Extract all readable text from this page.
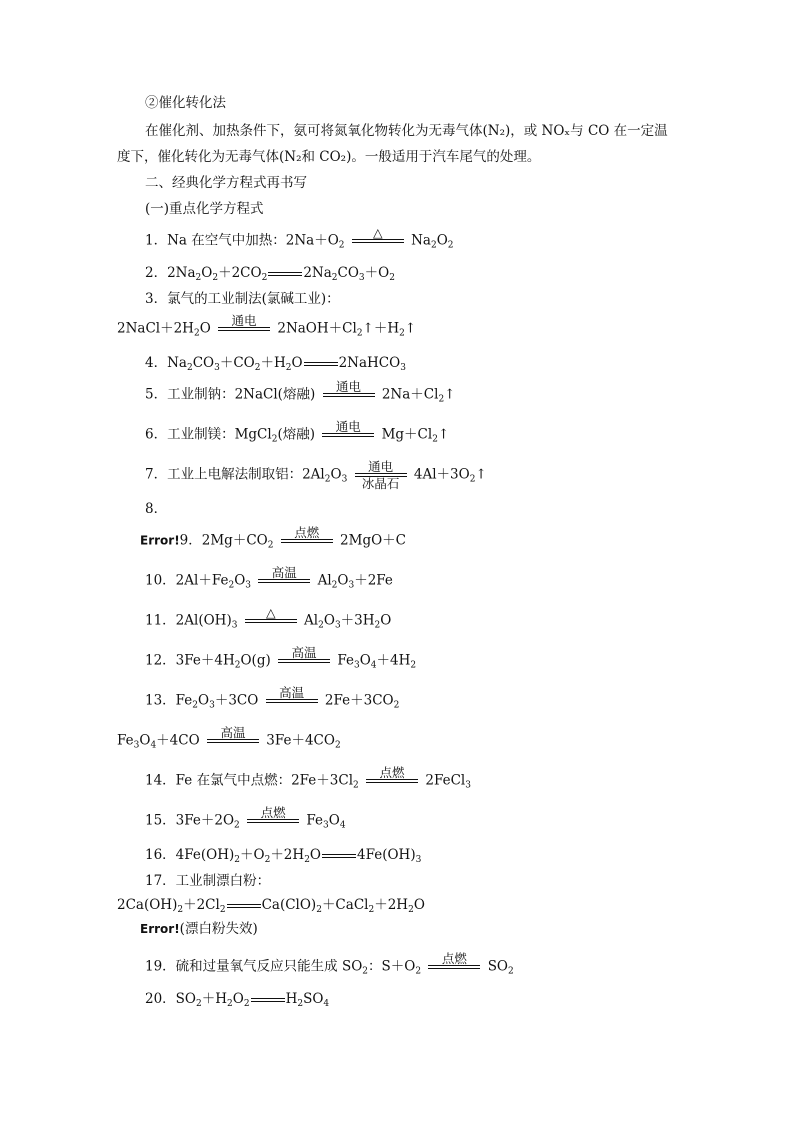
②催化转化法
在催化剂、加热条件下，氨可将氮氧化物转化为无毒气体(N₂)，或 NOₓ与 CO 在一定温度下，催化转化为无毒气体(N₂和 CO₂)。一般适用于汽车尾气的处理。
二、经典化学方程式再书写
(一)重点化学方程式
1．Na 在空气中加热：$2Na+O_2$
△
	$Na_2O_2$
2．$2Na_2O_2+2CO_2$	$2Na_2CO_3+O_2$
3．氯气的工业制法(氯碱工业)：
$2NaCl+2H_2O$	通电
	$2NaOH+Cl_2↑+H_2↑$
4．$Na_2CO_3+CO_2+H_2O$	2NaHCO$_3$
5．工业制钠：2NaCl(熔融)	通电
	$2Na+Cl_2↑$
6．工业制镁：MgCl$_2$(熔融)	通电
	$Mg+Cl_2↑$
7．工业上电解法制取铝：$2Al_2O_3$
通电
冰晶石
$4Al+3O_2↑$
8．
Error!9．$2Mg+CO_2$
点燃
	2MgO＋C
10．$2Al+Fe_2O_3$
高温
	$Al_2O_3+2Fe$
11．$2Al(OH)_3$
△
	$Al_2O_3+3H_2O$
12．$3Fe+4H_2O(g)$	高温
	$Fe_3O_4+4H_2$
13．$Fe_2O_3+3CO$	高温
	$2Fe+3CO_2$
$Fe_3O_4+4CO$	高温
	$3Fe+4CO_2$
14．Fe 在氯气中点燃：$2Fe+3Cl_2$
点燃
	2FeCl$_3$
15．$3Fe+2O_2$
点燃
	$Fe_3O_4$
16．$4Fe(OH)_2+O_2+2H_2O$	$4Fe(OH)_3$
17．工业制漂白粉：
$2Ca(OH)_2+2Cl_2$	$Ca(ClO)_2+CaCl_2+2H_2O$
Error!(漂白粉失效)
19．硫和过量氧气反应只能生成 $SO_2$：$S+O_2$
点燃
	$SO_2$
20．$SO_2+H_2O_2$	$H_2SO_4$
